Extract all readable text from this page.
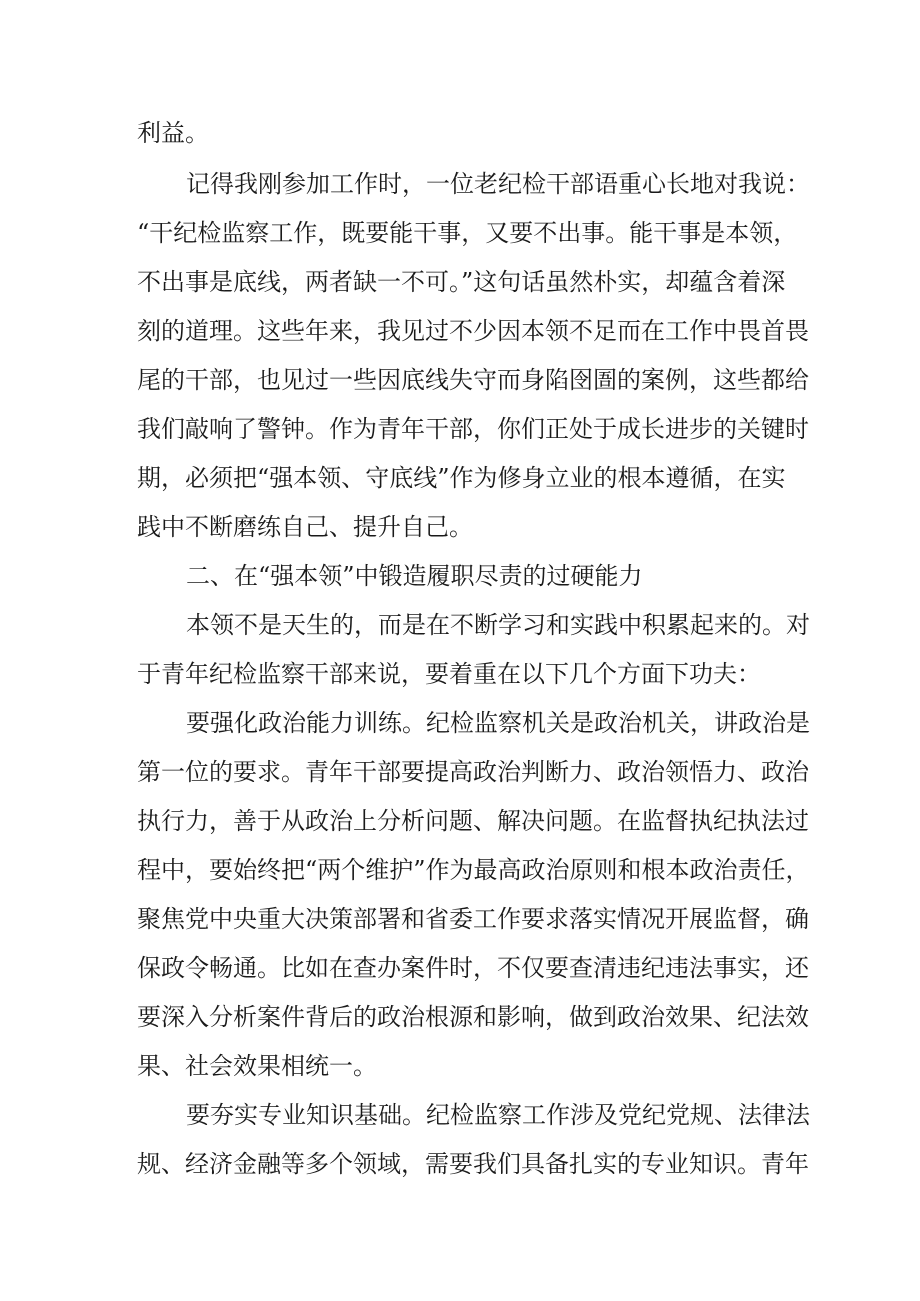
利益。

记得我刚参加工作时，一位老纪检干部语重心长地对我说：

“干纪检监察工作，既要能干事，又要不出事。能干事是本领，

不出事是底线，两者缺一不可。”这句话虽然朴实，却蕴含着深

刻的道理。这些年来，我见过不少因本领不足而在工作中畏首畏

尾的干部，也见过一些因底线失守而身陷囹圄的案例，这些都给

我们敲响了警钟。作为青年干部，你们正处于成长进步的关键时

期，必须把“强本领、守底线”作为修身立业的根本遵循，在实

践中不断磨练自己、提升自己。

二、在“强本领”中锻造履职尽责的过硬能力

本领不是天生的，而是在不断学习和实践中积累起来的。对

于青年纪检监察干部来说，要着重在以下几个方面下功夫：

要强化政治能力训练。纪检监察机关是政治机关，讲政治是

第一位的要求。青年干部要提高政治判断力、政治领悟力、政治

执行力，善于从政治上分析问题、解决问题。在监督执纪执法过

程中，要始终把“两个维护”作为最高政治原则和根本政治责任，

聚焦党中央重大决策部署和省委工作要求落实情况开展监督，确

保政令畅通。比如在查办案件时，不仅要查清违纪违法事实，还

要深入分析案件背后的政治根源和影响，做到政治效果、纪法效

果、社会效果相统一。

要夯实专业知识基础。纪检监察工作涉及党纪党规、法律法

规、经济金融等多个领域，需要我们具备扎实的专业知识。青年
